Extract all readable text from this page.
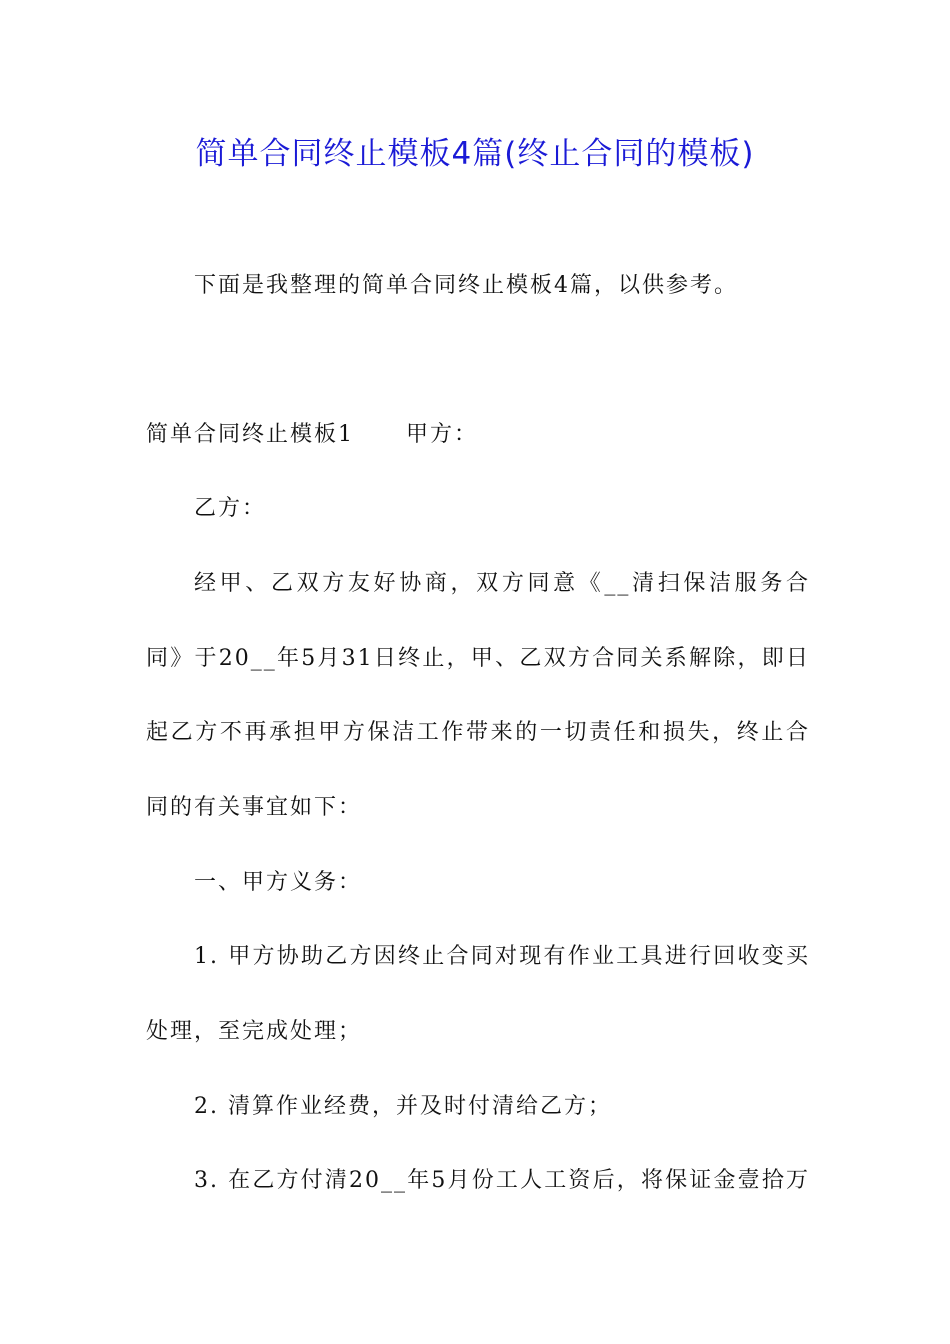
简单合同终止模板4篇(终止合同的模板)
下面是我整理的简单合同终止模板4篇，以供参考。
简单合同终止模板1 甲方：
乙方：
经甲、乙双方友好协商，双方同意《__清扫保洁服务合
同》于20__年5月31日终止，甲、乙双方合同关系解除，即日
起乙方不再承担甲方保洁工作带来的一切责任和损失，终止合
同的有关事宜如下：
一、甲方义务：
1. 甲方协助乙方因终止合同对现有作业工具进行回收变买
处理，至完成处理；
2. 清算作业经费，并及时付清给乙方；
3. 在乙方付清20__年5月份工人工资后，将保证金壹拾万
